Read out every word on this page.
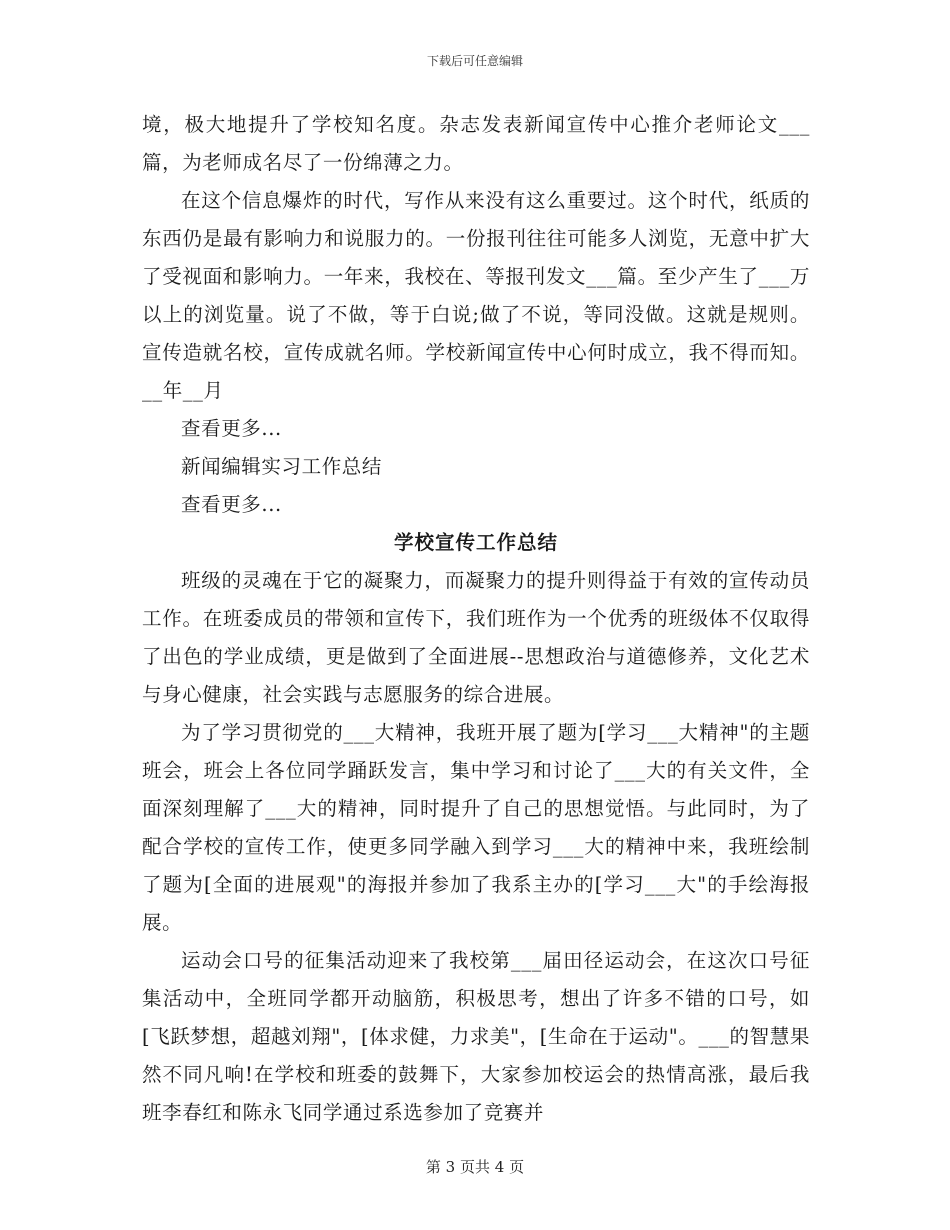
下载后可任意编辑

境，极大地提升了学校知名度。杂志发表新闻宣传中心推介老师论文___篇，为老师成名尽了一份绵薄之力。

在这个信息爆炸的时代，写作从来没有这么重要过。这个时代，纸质的东西仍是最有影响力和说服力的。一份报刊往往可能多人浏览，无意中扩大了受视面和影响力。一年来，我校在、等报刊发文___篇。至少产生了___万以上的浏览量。说了不做，等于白说;做了不说，等同没做。这就是规则。宣传造就名校，宣传成就名师。学校新闻宣传中心何时成立，我不得而知。__年__月

查看更多...

新闻编辑实习工作总结

查看更多...

学校宣传工作总结

班级的灵魂在于它的凝聚力，而凝聚力的提升则得益于有效的宣传动员工作。在班委成员的带领和宣传下，我们班作为一个优秀的班级体不仅取得了出色的学业成绩，更是做到了全面进展--思想政治与道德修养，文化艺术与身心健康，社会实践与志愿服务的综合进展。

为了学习贯彻党的___大精神，我班开展了题为[学习___大精神"的主题班会，班会上各位同学踊跃发言，集中学习和讨论了___大的有关文件，全面深刻理解了___大的精神，同时提升了自己的思想觉悟。与此同时，为了配合学校的宣传工作，使更多同学融入到学习___大的精神中来，我班绘制了题为[全面的进展观"的海报并参加了我系主办的[学习___大"的手绘海报展。

运动会口号的征集活动迎来了我校第___届田径运动会，在这次口号征集活动中，全班同学都开动脑筋，积极思考，想出了许多不错的口号，如[飞跃梦想，超越刘翔"，[体求健，力求美"，[生命在于运动"。___的智慧果然不同凡响!在学校和班委的鼓舞下，大家参加校运会的热情高涨，最后我班李春红和陈永飞同学通过系选参加了竞赛并

第 3 页共 4 页
